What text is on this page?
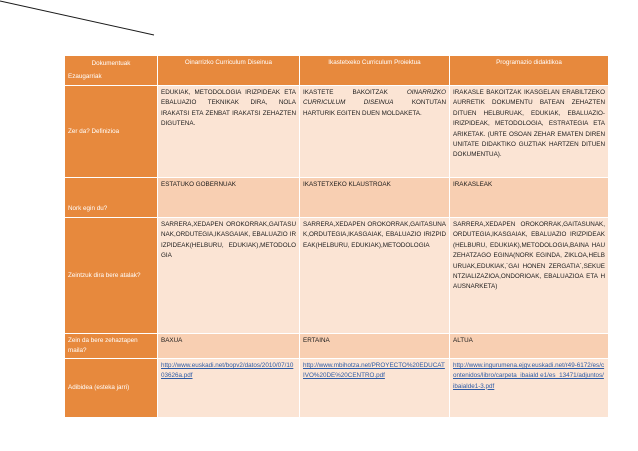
Dokumentuak
Ezaugarriak	Oinarrizko Curriculum Diseinua	Ikastetxeko Curriculum Proiektua	Programazio didaktikoa
Zer da? Definizioa	EDUKIAK, METODOLOGIA IRIZPIDEAK ETA EBALUAZIO TEKNIKAK DIRA, NOLA IRAKATSI ETA ZENBAT IRAKATSI ZEHAZTEN DIGUTENA.	IKASTETE BAKOITZAK OINARRIZKO CURRICULUM DISEINUA KONTUTAN HARTURIK EGITEN DUEN MOLDAKETA.	IRAKASLE BAKOITZAK IKASGELAN ERABILTZEKO AURRETIK DOKUMENTU BATEAN ZEHAZTEN DITUEN HELBURUAK, EDUKIAK, EBALUAZIO-IRIZPIDEAK, METODOLOGIA, ESTRATEGIA ETA ARIKETAK. (URTE OSOAN ZEHAR EMATEN DIREN UNITATE DIDAKTIKO GUZTIAK HARTZEN DITUEN DOKUMENTUA).
Nork egin du?	ESTATUKO GOBERNUAK	IKASTETXEKO KLAUSTROAK	IRAKASLEAK
Zeintzuk dira bere atalak?	SARRERA,XEDAPEN OROKORRAK,GAITASUNAK,ORDUTEGIA,IKASGAIAK, EBALUAZIO IRIZPIDEAK(HELBURU, EDUKIAK),METODOLOGIA	SARRERA,XEDAPEN OROKORRAK,GAITASUNAK,ORDUTEGIA,IKASGAIAK, EBALUAZIO IRIZPIDEAK(HELBURU, EDUKIAK),METODOLOGIA	SARRERA,XEDAPEN OROKORRAK,GAITASUNAK,ORDUTEGIA,IKASGAIAK, EBALUAZIO IRIZPIDEAK(HELBURU, EDUKIAK),METODOLOGIA,BAINA HAU ZEHATZAGO EGINA(NORK EGINDA, ZIKLOA,HELBURUAK,EDUKIAK,´GAI HONEN ZERGATIA´,SEKUENTZIALIZAZIOA,ONDORIOAK, EBALUAZIOA ETA HAUSNARKETA)
Zein da bere zehaztapen maila?	BAXUA	ERTAINA	ALTUA
Adibidea (esteka jarri)	http://www.euskadi.net/bopv2/datos/2010/07/1003626a.pdf	http://www.mbihotza.net/PROYECTO%20EDUCATIVO%20DE%20CENTRO.pdf	http://www.ingurumena.ejgv.euskadi.net/r49-6172/es/contenidos/libro/carpeta_ibaiald e1/es_13471/adjuntos/ibaialde1-3.pdf
